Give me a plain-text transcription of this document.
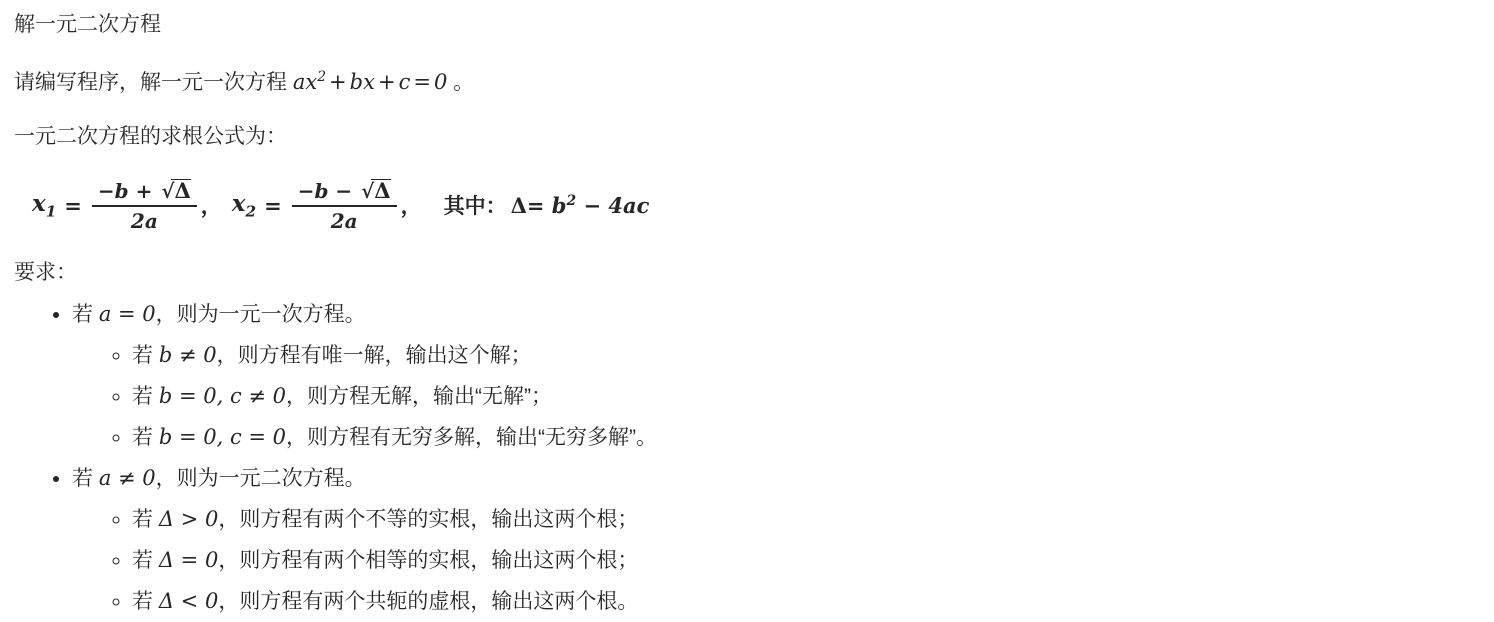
解一元二次方程
请编写程序，解一元一次方程 $ax^2$ + bx + c = 0 。
一元二次方程的求根公式为：
$x_1 = \frac{-b + √\Delta}{2a}$ ， $x_2 = \frac{-b - √\Delta}{2a}$ ，	其中： $\Delta= b^2 - 4ac$
要求：
• 若 a = 0，则为一元一次方程。
◦ 若 b ≠ 0，则方程有唯一解，输出这个解；
◦ 若 b = 0, c ≠ 0，则方程无解，输出“无解”；
◦ 若 b = 0, c = 0，则方程有无穷多解，输出“无穷多解”。
• 若 a ≠ 0，则为一元二次方程。
◦ 若 Δ > 0，则方程有两个不等的实根，输出这两个根；
◦ 若 Δ = 0，则方程有两个相等的实根，输出这两个根；
◦ 若 Δ < 0，则方程有两个共轭的虚根，输出这两个根。
